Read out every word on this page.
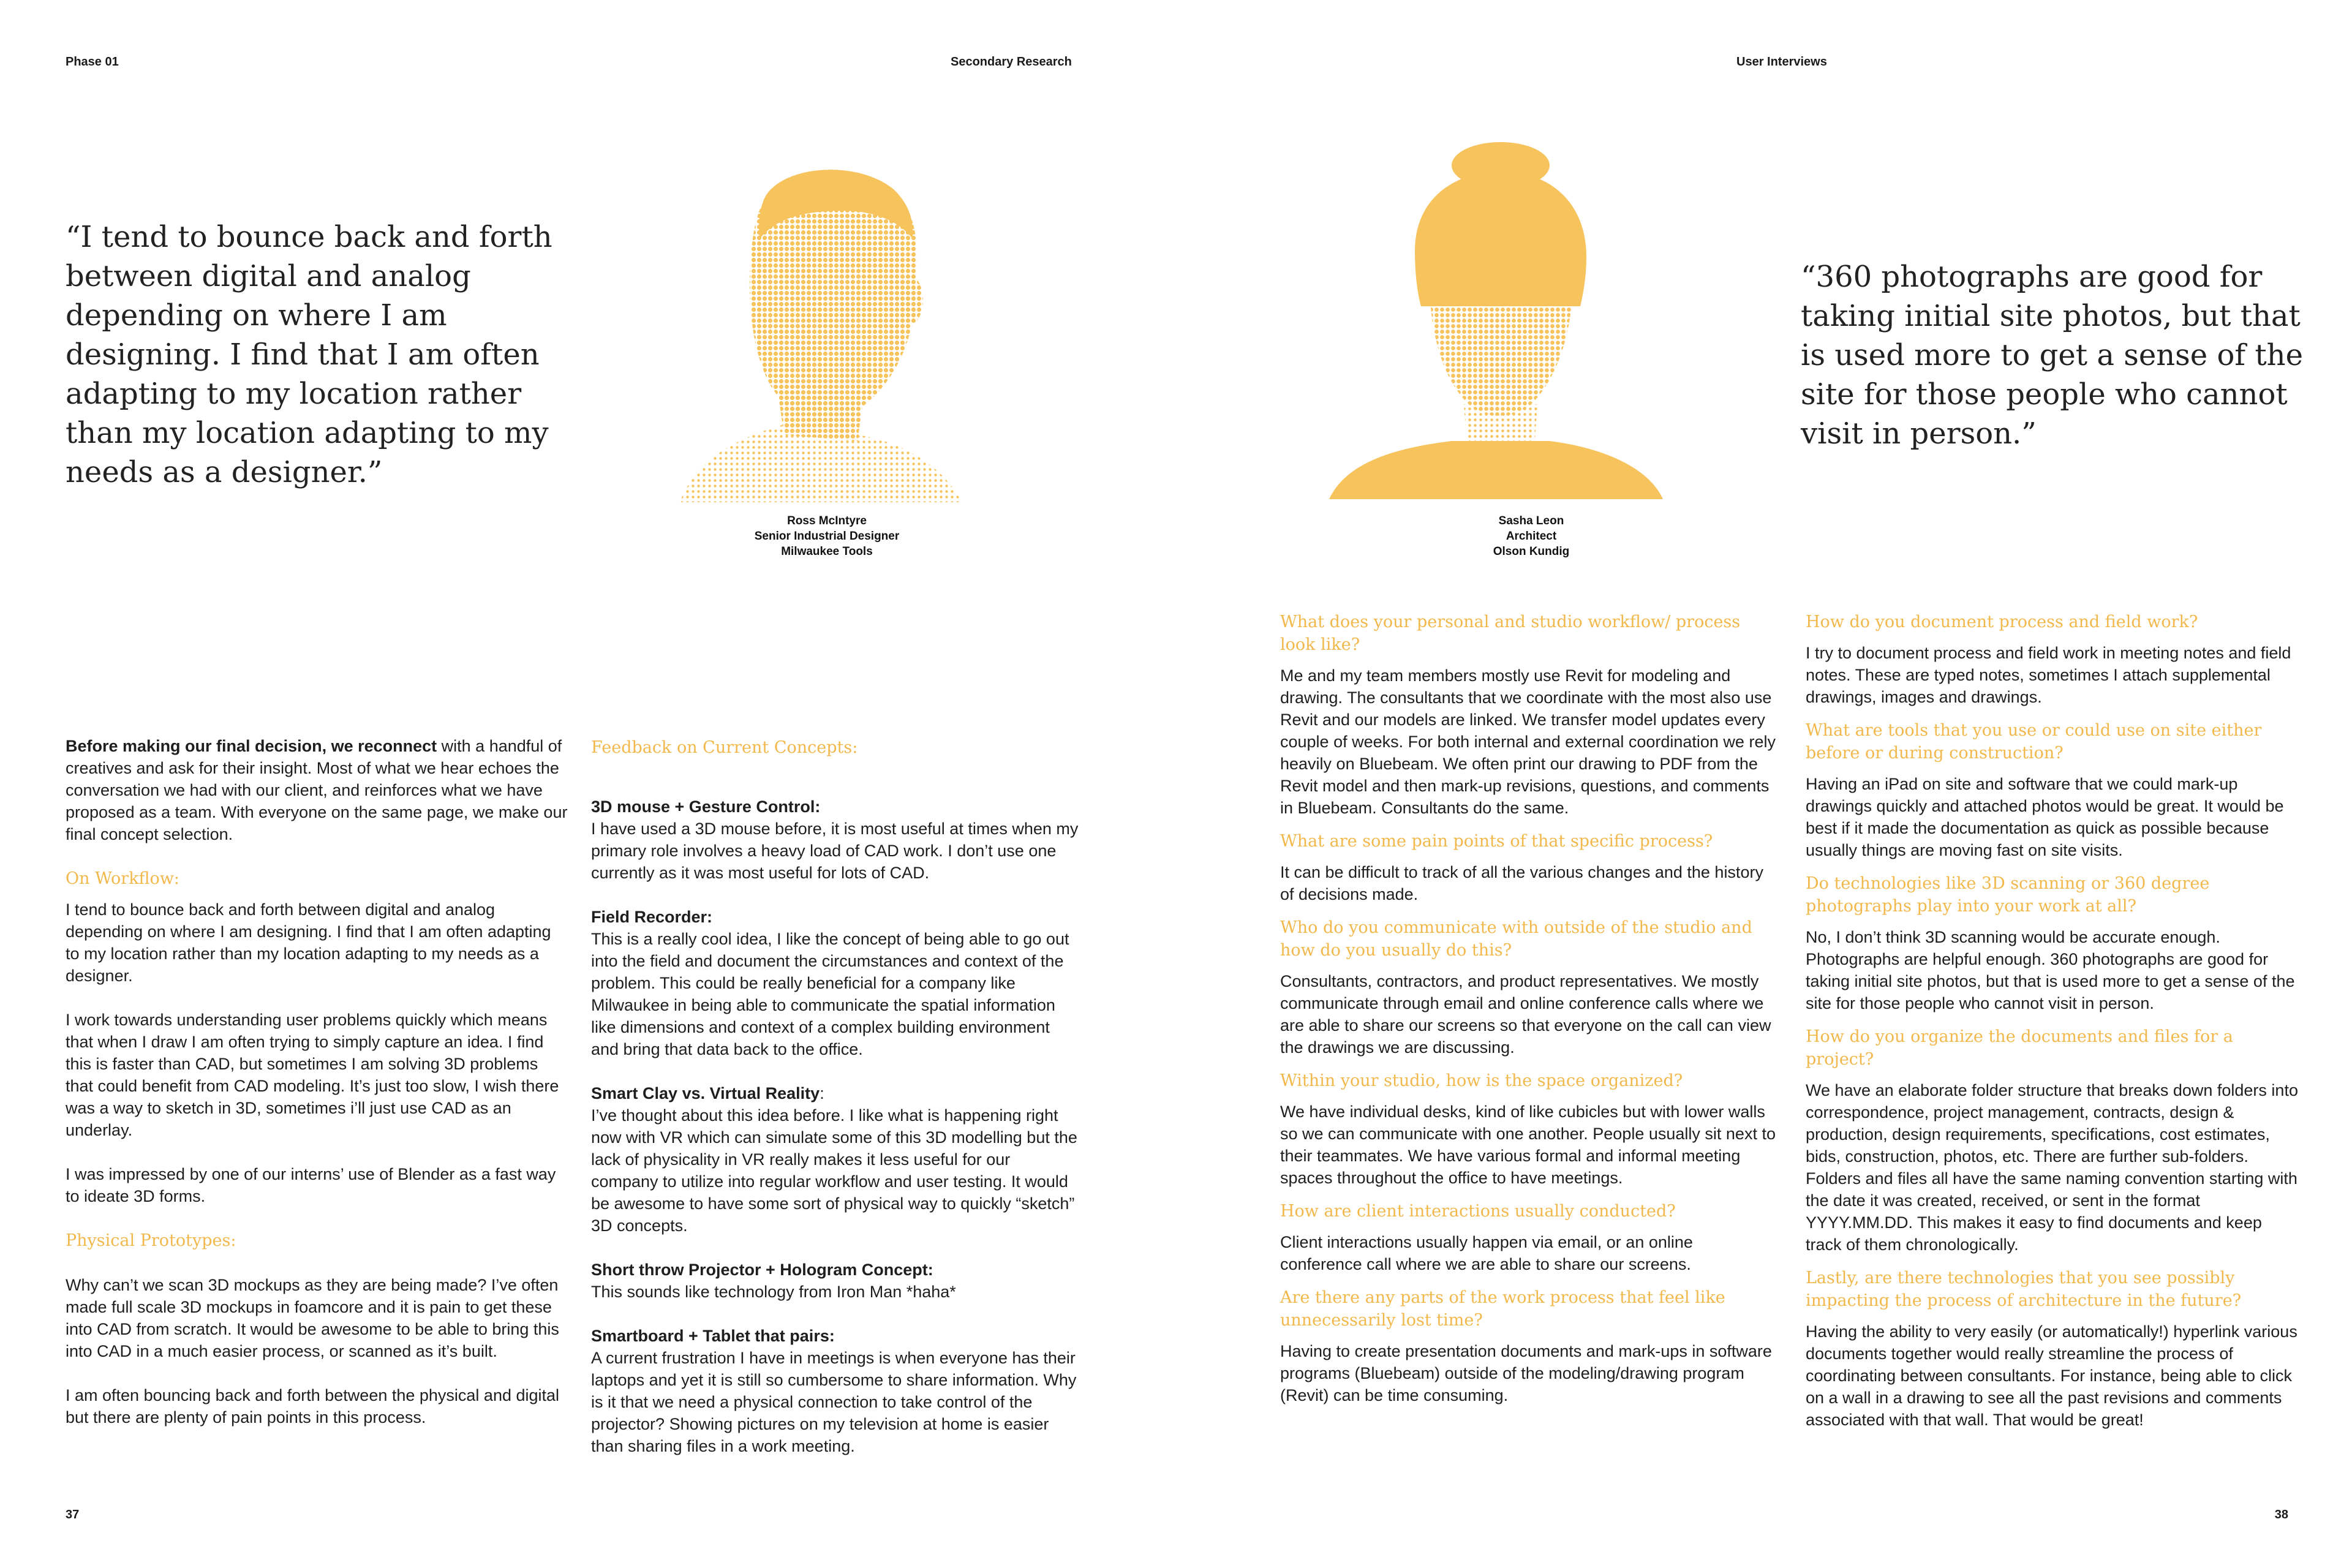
Phase 01	Secondary Research	User Interviews

“I tend to bounce back and forth between digital and analog depending on where I am designing. I find that I am often adapting to my location rather than my location adapting to my needs as a designer.”

“360 photographs are good for taking initial site photos, but that is used more to get a sense of the site for those people who cannot visit in person.”

Ross McIntyre
Senior Industrial Designer
Milwaukee Tools
Sasha Leon
Architect
Olson Kundig

Before making our final decision, we reconnect with a handful of creatives and ask for their insight. Most of what we hear echoes the conversation we had with our client, and reinforces what we have proposed as a team. With everyone on the same page, we make our final concept selection.

On Workflow:

I tend to bounce back and forth between digital and analog depending on where I am designing. I find that I am often adapting to my location rather than my location adapting to my needs as a designer.

I work towards understanding user problems quickly which means that when I draw I am often trying to simply capture an idea. I find this is faster than CAD, but sometimes I am solving 3D problems that could benefit from CAD modeling. It’s just too slow, I wish there was a way to sketch in 3D, sometimes i’ll just use CAD as an underlay.

I was impressed by one of our interns’ use of Blender as a fast way to ideate 3D forms.

Physical Prototypes:

Why can’t we scan 3D mockups as they are being made? I’ve often made full scale 3D mockups in foamcore and it is pain to get these into CAD from scratch. It would be awesome to be able to bring this into CAD in a much easier process, or scanned as it’s built.

I am often bouncing back and forth between the physical and digital but there are plenty of pain points in this process.

Feedback on Current Concepts:
3D mouse + Gesture Control:
I have used a 3D mouse before, it is most useful at times when my primary role involves a heavy load of CAD work. I don’t use one currently as it was most useful for lots of CAD.
Field Recorder:
This is a really cool idea, I like the concept of being able to go out into the field and document the circumstances and context of the problem. This could be really beneficial for a company like Milwaukee in being able to communicate the spatial information like dimensions and context of a complex building environment and bring that data back to the office.
Smart Clay vs. Virtual Reality:
I’ve thought about this idea before. I like what is happening right now with VR which can simulate some of this 3D modelling but the lack of physicality in VR really makes it less useful for our company to utilize into regular workflow and user testing. It would be awesome to have some sort of physical way to quickly “sketch” 3D concepts.
Short throw Projector + Hologram Concept:
This sounds like technology from Iron Man *haha*
Smartboard + Tablet that pairs:
A current frustration I have in meetings is when everyone has their laptops and yet it is still so cumbersome to share information. Why is it that we need a physical connection to take control of the projector? Showing pictures on my television at home is easier than sharing files in a work meeting.
What does your personal and studio workflow/ process look like?

Me and my team members mostly use Revit for modeling and drawing. The consultants that we coordinate with the most also use Revit and our models are linked. We transfer model updates every couple of weeks. For both internal and external coordination we rely heavily on Bluebeam. We often print our drawing to PDF from the Revit model and then mark-up revisions, questions, and comments in Bluebeam. Consultants do the same.

What are some pain points of that specific process?

It can be difficult to track of all the various changes and the history of decisions made.

Who do you communicate with outside of the studio and how do you usually do this?

Consultants, contractors, and product representatives. We mostly communicate through email and online conference calls where we are able to share our screens so that everyone on the call can view the drawings we are discussing.

Within your studio, how is the space organized?

We have individual desks, kind of like cubicles but with lower walls so we can communicate with one another. People usually sit next to their teammates. We have various formal and informal meeting spaces throughout the office to have meetings.

How are client interactions usually conducted?

Client interactions usually happen via email, or an online conference call where we are able to share our screens.

Are there any parts of the work process that feel like unnecessarily lost time?

Having to create presentation documents and mark-ups in software programs (Bluebeam) outside of the modeling/drawing program (Revit) can be time consuming.

How do you document process and field work?

I try to document process and field work in meeting notes and field notes. These are typed notes, sometimes I attach supplemental drawings, images and drawings.

What are tools that you use or could use on site either before or during construction?

Having an iPad on site and software that we could mark-up drawings quickly and attached photos would be great. It would be best if it made the documentation as quick as possible because usually things are moving fast on site visits.

Do technologies like 3D scanning or 360 degree photographs play into your work at all?

No, I don’t think 3D scanning would be accurate enough. Photographs are helpful enough. 360 photographs are good for taking initial site photos, but that is used more to get a sense of the site for those people who cannot visit in person.

How do you organize the documents and files for a project?

We have an elaborate folder structure that breaks down folders into correspondence, project management, contracts, design & production, design requirements, specifications, cost estimates, bids, construction, photos, etc. There are further sub-folders. Folders and files all have the same naming convention starting with the date it was created, received, or sent in the format YYYY.MM.DD. This makes it easy to find documents and keep track of them chronologically.

Lastly, are there technologies that you see possibly impacting the process of architecture in the future?

Having the ability to very easily (or automatically!) hyperlink various documents together would really streamline the process of coordinating between consultants. For instance, being able to click on a wall in a drawing to see all the past revisions and comments associated with that wall. That would be great!

37	38
